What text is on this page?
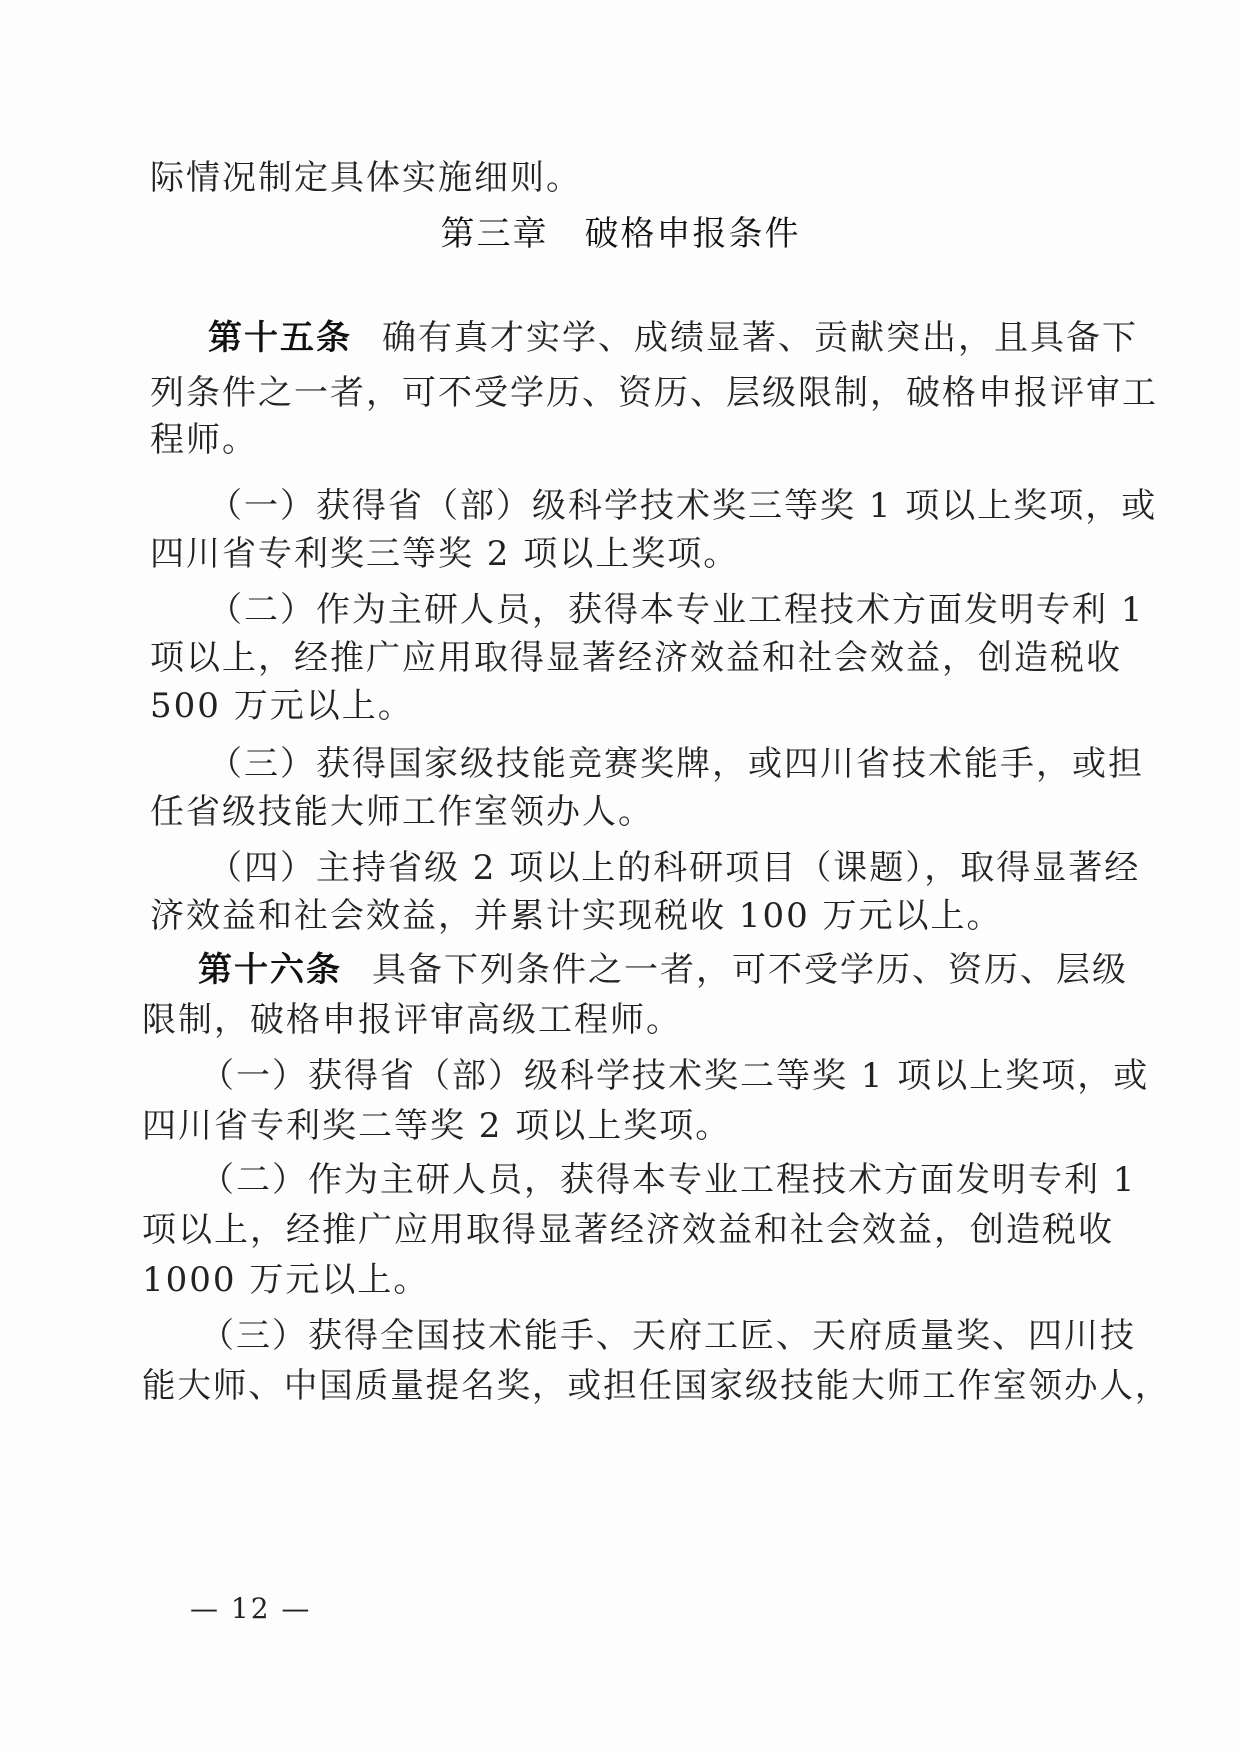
际情况制定具体实施细则。
第三章　破格申报条件
第十五条 确有真才实学、成绩显著、贡献突出，且具备下
列条件之一者，可不受学历、资历、层级限制，破格申报评审工
程师。
（一）获得省（部）级科学技术奖三等奖 1 项以上奖项，或
四川省专利奖三等奖 2 项以上奖项。
（二）作为主研人员，获得本专业工程技术方面发明专利 1
项以上，经推广应用取得显著经济效益和社会效益，创造税收
500 万元以上。
（三）获得国家级技能竞赛奖牌，或四川省技术能手，或担
任省级技能大师工作室领办人。
（四）主持省级 2 项以上的科研项目（课题），取得显著经
济效益和社会效益，并累计实现税收 100 万元以上。
第十六条 具备下列条件之一者，可不受学历、资历、层级
限制，破格申报评审高级工程师。
（一）获得省（部）级科学技术奖二等奖 1 项以上奖项，或
四川省专利奖二等奖 2 项以上奖项。
（二）作为主研人员，获得本专业工程技术方面发明专利 1
项以上，经推广应用取得显著经济效益和社会效益，创造税收
1000 万元以上。
（三）获得全国技术能手、天府工匠、天府质量奖、四川技
能大师、中国质量提名奖，或担任国家级技能大师工作室领办人，
— 12 —
